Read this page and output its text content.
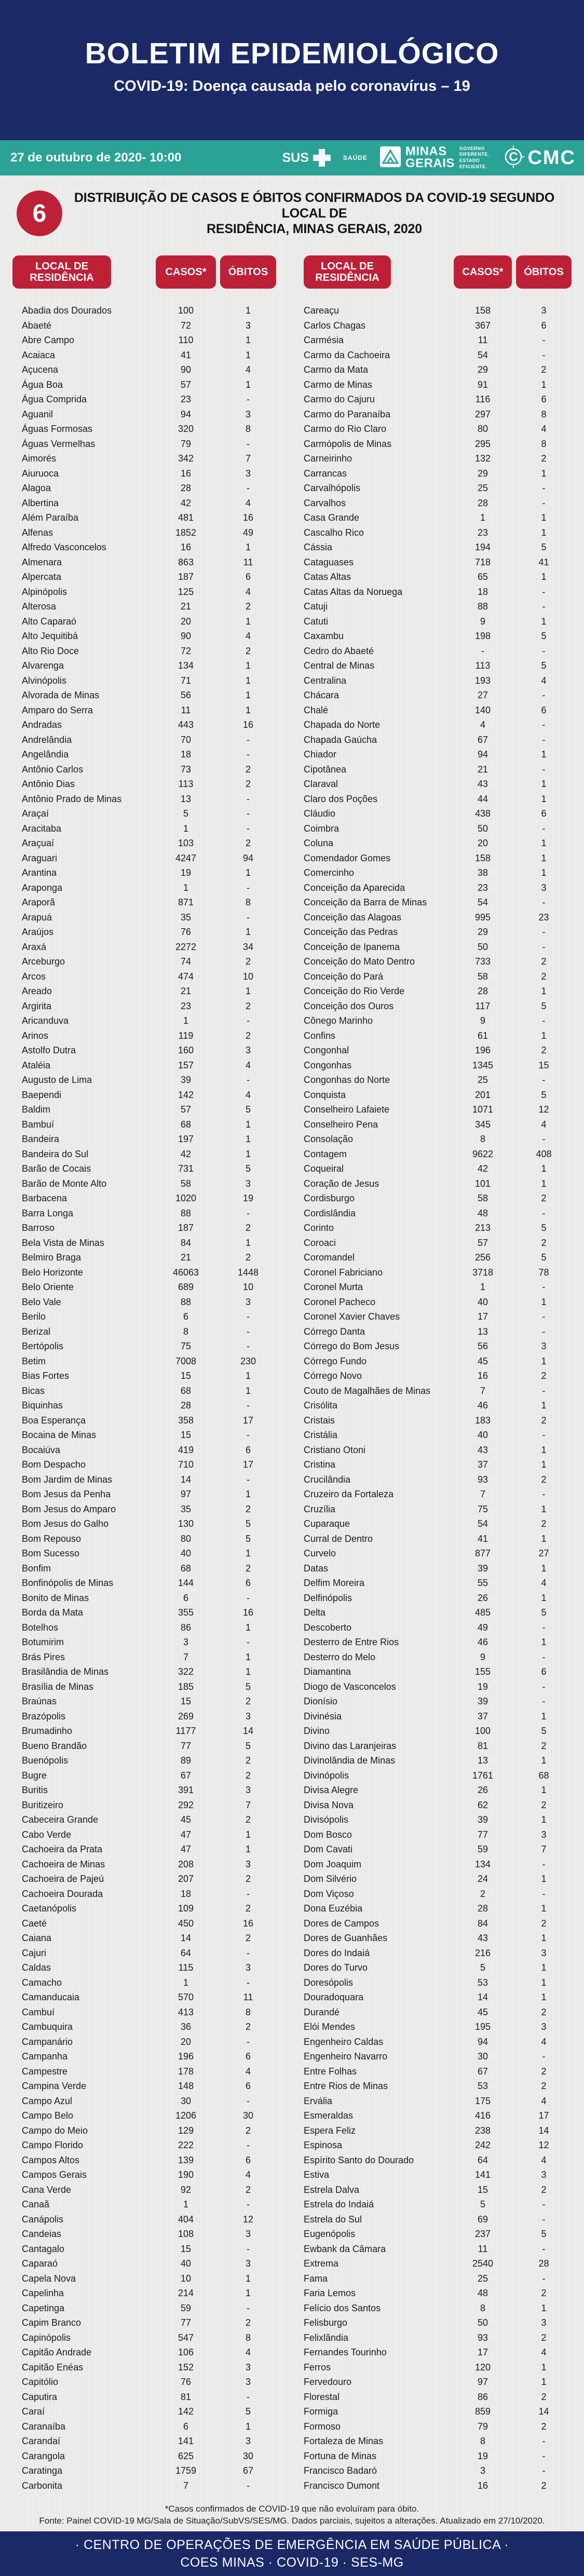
BOLETIM EPIDEMIOLÓGICO
COVID-19: Doença causada pelo coronavírus – 19
27 de outubro de 2020- 10:00	SUS	SAÚDE	MINAS
GERAIS
GOVERNO
DIFERENTE.
ESTADO
EFICIENTE.
C CMC
6
DISTRIBUIÇÃO DE CASOS E ÓBITOS CONFIRMADOS DA COVID-19 SEGUNDO LOCAL DE
RESIDÊNCIA, MINAS GERAIS, 2020
LOCAL DE RESIDÊNCIA
CASOS*	ÓBITOS
LOCAL DE RESIDÊNCIA
CASOS*	ÓBITOS
Abadia dos Dourados	100	1	Careaçu	158	3
Abaeté	72	3	Carlos Chagas	367	6
Abre Campo	110	1	Carmésia	11	-
Acaiaca	41	1	Carmo da Cachoeira	54	-
Açucena	90	4	Carmo da Mata	29	2
Água Boa	57	1	Carmo de Minas	91	1
Água Comprida	23	-	Carmo do Cajuru	116	6
Aguanil	94	3	Carmo do Paranaíba	297	8
Águas Formosas	320	8	Carmo do Rio Claro	80	4
Águas Vermelhas	79	-	Carmópolis de Minas	295	8
Aimorés	342	7	Carneirinho	132	2
Aiuruoca	16	3	Carrancas	29	1
Alagoa	28	-	Carvalhópolis	25	-
Albertina	42	4	Carvalhos	28	-
Além Paraíba	481	16	Casa Grande	1	1
Alfenas	1852	49	Cascalho Rico	23	1
Alfredo Vasconcelos	16	1	Cássia	194	5
Almenara	863	11	Cataguases	718	41
Alpercata	187	6	Catas Altas	65	1
Alpinópolis	125	4	Catas Altas da Noruega	18	-
Alterosa	21	2	Catuji	88	-
Alto Caparaó	20	1	Catuti	9	1
Alto Jequitibá	90	4	Caxambu	198	5
Alto Rio Doce	72	2	Cedro do Abaeté	-	-
Alvarenga	134	1	Central de Minas	113	5
Alvinópolis	71	1	Centralina	193	4
Alvorada de Minas	56	1	Chácara	27	-
Amparo do Serra	11	1	Chalé	140	6
Andradas	443	16	Chapada do Norte	4	-
Andrelândia	70	-	Chapada Gaúcha	67	-
Angelândia	18	-	Chiador	94	1
Antônio Carlos	73	2	Cipotânea	21	-
Antônio Dias	113	2	Claraval	43	1
Antônio Prado de Minas	13	-	Claro dos Poções	44	1
Araçaí	5	-	Cláudio	438	6
Aracitaba	1	-	Coimbra	50	-
Araçuaí	103	2	Coluna	20	1
Araguari	4247	94	Comendador Gomes	158	1
Arantina	19	1	Comercinho	38	1
Araponga	1	-	Conceição da Aparecida	23	3
Araporã	871	8	Conceição da Barra de Minas	54	-
Arapuá	35	-	Conceição das Alagoas	995	23
Araújos	76	1	Conceição das Pedras	29	-
Araxá	2272	34	Conceição de Ipanema	50	-
Arceburgo	74	2	Conceição do Mato Dentro	733	2
Arcos	474	10	Conceição do Pará	58	2
Areado	21	1	Conceição do Rio Verde	28	1
Argirita	23	2	Conceição dos Ouros	117	5
Aricanduva	1	-	Cônego Marinho	9	-
Arinos	119	2	Confins	61	1
Astolfo Dutra	160	3	Congonhal	196	2
Ataléia	157	4	Congonhas	1345	15
Augusto de Lima	39	-	Congonhas do Norte	25	-
Baependi	142	4	Conquista	201	5
Baldim	57	5	Conselheiro Lafaiete	1071	12
Bambuí	68	1	Conselheiro Pena	345	4
Bandeira	197	1	Consolação	8	-
Bandeira do Sul	42	1	Contagem	9622	408
Barão de Cocais	731	5	Coqueiral	42	1
Barão de Monte Alto	58	3	Coração de Jesus	101	1
Barbacena	1020	19	Cordisburgo	58	2
Barra Longa	88	-	Cordislândia	48	-
Barroso	187	2	Corinto	213	5
Bela Vista de Minas	84	1	Coroaci	57	2
Belmiro Braga	21	2	Coromandel	256	5
Belo Horizonte	46063	1448	Coronel Fabriciano	3718	78
Belo Oriente	689	10	Coronel Murta	1	-
Belo Vale	88	3	Coronel Pacheco	40	1
Berilo	6	-	Coronel Xavier Chaves	17	-
Berizal	8	-	Córrego Danta	13	-
Bertópolis	75	-	Córrego do Bom Jesus	56	3
Betim	7008	230	Córrego Fundo	45	1
Bias Fortes	15	1	Córrego Novo	16	2
Bicas	68	1	Couto de Magalhães de Minas	7	-
Biquinhas	28	-	Crisólita	46	1
Boa Esperança	358	17	Cristais	183	2
Bocaina de Minas	15	-	Cristália	40	-
Bocaiúva	419	6	Cristiano Otoni	43	1
Bom Despacho	710	17	Cristina	37	1
Bom Jardim de Minas	14	-	Crucilândia	93	2
Bom Jesus da Penha	97	1	Cruzeiro da Fortaleza	7	-
Bom Jesus do Amparo	35	2	Cruzília	75	1
Bom Jesus do Galho	130	5	Cuparaque	54	2
Bom Repouso	80	5	Curral de Dentro	41	1
Bom Sucesso	40	1	Curvelo	877	27
Bonfim	68	2	Datas	39	1
Bonfinópolis de Minas	144	6	Delfim Moreira	55	4
Bonito de Minas	6	-	Delfinópolis	26	1
Borda da Mata	355	16	Delta	485	5
Botelhos	86	1	Descoberto	49	-
Botumirim	3	-	Desterro de Entre Rios	46	1
Brás Pires	7	1	Desterro do Melo	9	-
Brasilândia de Minas	322	1	Diamantina	155	6
Brasília de Minas	185	5	Diogo de Vasconcelos	19	-
Braúnas	15	2	Dionísio	39	-
Brazópolis	269	3	Divinésia	37	1
Brumadinho	1177	14	Divino	100	5
Bueno Brandão	77	5	Divino das Laranjeiras	81	2
Buenópolis	89	2	Divinolândia de Minas	13	1
Bugre	67	2	Divinópolis	1761	68
Buritis	391	3	Divisa Alegre	26	1
Buritizeiro	292	7	Divisa Nova	62	2
Cabeceira Grande	45	2	Divisópolis	39	1
Cabo Verde	47	1	Dom Bosco	77	3
Cachoeira da Prata	47	1	Dom Cavati	59	7
Cachoeira de Minas	208	3	Dom Joaquim	134	-
Cachoeira de Pajeú	207	2	Dom Silvério	24	1
Cachoeira Dourada	18	-	Dom Viçoso	2	-
Caetanópolis	109	2	Dona Euzébia	28	1
Caeté	450	16	Dores de Campos	84	2
Caiana	14	2	Dores de Guanhães	43	1
Cajuri	64	-	Dores do Indaiá	216	3
Caldas	115	3	Dores do Turvo	5	1
Camacho	1	-	Doresópolis	53	1
Camanducaia	570	11	Douradoquara	14	1
Cambuí	413	8	Durandé	45	2
Cambuquira	36	2	Elói Mendes	195	3
Campanário	20	-	Engenheiro Caldas	94	4
Campanha	196	6	Engenheiro Navarro	30	-
Campestre	178	4	Entre Folhas	67	2
Campina Verde	148	6	Entre Rios de Minas	53	2
Campo Azul	30	-	Ervália	175	4
Campo Belo	1206	30	Esmeraldas	416	17
Campo do Meio	129	2	Espera Feliz	238	14
Campo Florido	222	-	Espinosa	242	12
Campos Altos	139	6	Espírito Santo do Dourado	64	4
Campos Gerais	190	4	Estiva	141	3
Cana Verde	92	2	Estrela Dalva	15	2
Canaã	1	-	Estrela do Indaiá	5	-
Canápolis	404	12	Estrela do Sul	69	-
Candeias	108	3	Eugenópolis	237	5
Cantagalo	15	-	Ewbank da Câmara	11	-
Caparaó	40	3	Extrema	2540	28
Capela Nova	10	1	Fama	25	-
Capelinha	214	1	Faria Lemos	48	2
Capetinga	59	-	Felício dos Santos	8	1
Capim Branco	77	2	Felisburgo	50	3
Capinópolis	547	8	Felixlândia	93	2
Capitão Andrade	106	4	Fernandes Tourinho	17	4
Capitão Enéas	152	3	Ferros	120	1
Capitólio	76	3	Fervedouro	97	1
Caputira	81	-	Florestal	86	2
Caraí	142	5	Formiga	859	14
Caranaíba	6	1	Formoso	79	2
Carandaí	141	3	Fortaleza de Minas	8	-
Carangola	625	30	Fortuna de Minas	19	-
Caratinga	1759	67	Francisco Badaró	3	-
Carbonita	7	-	Francisco Dumont	16	2
*Casos confirmados de COVID-19 que não evoluíram para óbito.
Fonte: Painel COVID-19 MG/Sala de Situação/SubVS/SES/MG. Dados parciais, sujeitos a alterações. Atualizado em 27/10/2020.
· CENTRO DE OPERAÇÕES DE EMERGÊNCIA EM SAÚDE PÚBLICA ·
COES MINAS · COVID-19 · SES-MG
